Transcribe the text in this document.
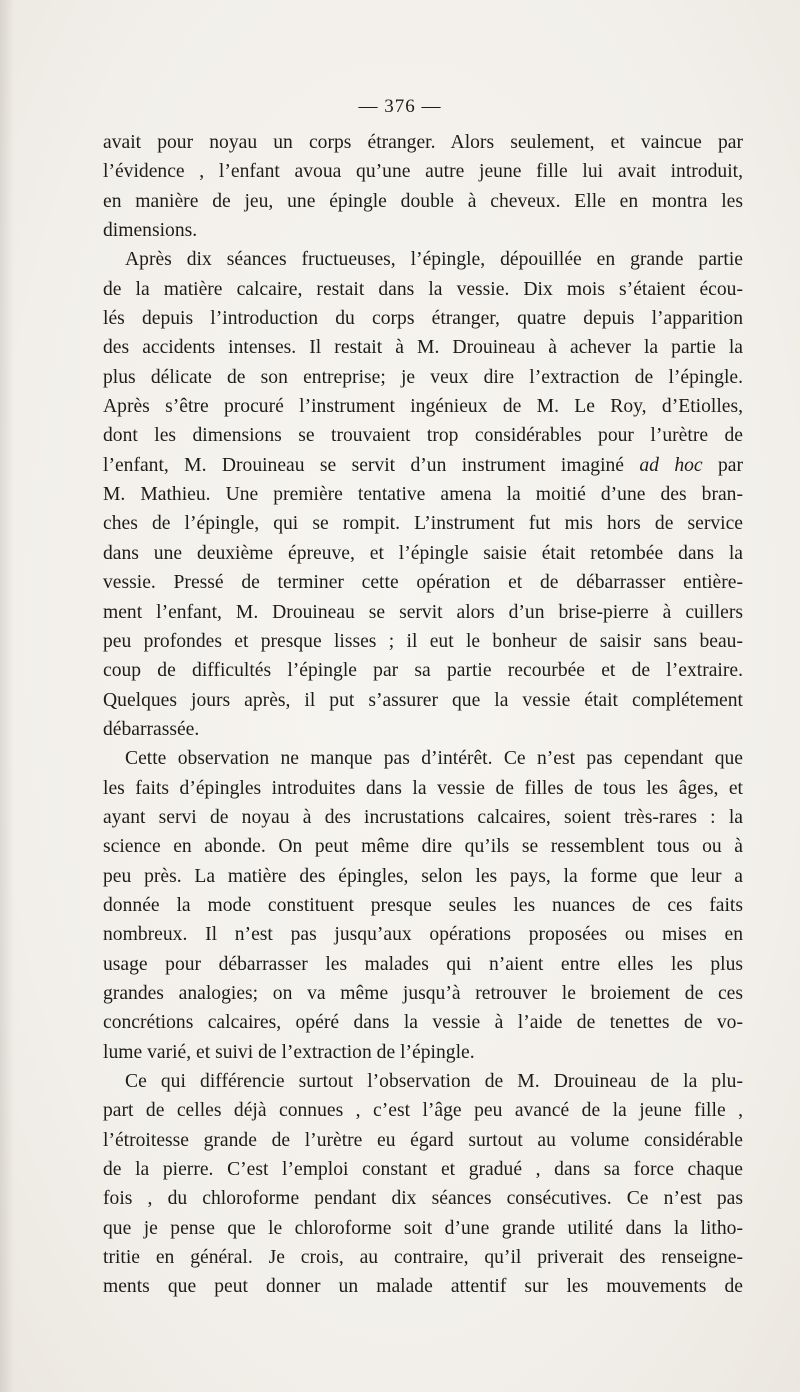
— 376 —

avait pour noyau un corps étranger. Alors seulement, et vaincue par
l’évidence , l’enfant avoua qu’une autre jeune fille lui avait introduit,
en manière de jeu, une épingle double à cheveux. Elle en montra les
dimensions.

Après dix séances fructueuses, l’épingle, dépouillée en grande partie
de la matière calcaire, restait dans la vessie. Dix mois s’étaient écou-
lés depuis l’introduction du corps étranger, quatre depuis l’apparition
des accidents intenses. Il restait à M. Drouineau à achever la partie la
plus délicate de son entreprise; je veux dire l’extraction de l’épingle.
Après s’être procuré l’instrument ingénieux de M. Le Roy, d’Etiolles,
dont les dimensions se trouvaient trop considérables pour l’urètre de
l’enfant, M. Drouineau se servit d’un instrument imaginé ad hoc par
M. Mathieu. Une première tentative amena la moitié d’une des bran-
ches de l’épingle, qui se rompit. L’instrument fut mis hors de service
dans une deuxième épreuve, et l’épingle saisie était retombée dans la
vessie. Pressé de terminer cette opération et de débarrasser entière-
ment l’enfant, M. Drouineau se servit alors d’un brise-pierre à cuillers
peu profondes et presque lisses ; il eut le bonheur de saisir sans beau-
coup de difficultés l’épingle par sa partie recourbée et de l’extraire.
Quelques jours après, il put s’assurer que la vessie était complétement
débarrassée.

Cette observation ne manque pas d’intérêt. Ce n’est pas cependant que
les faits d’épingles introduites dans la vessie de filles de tous les âges, et
ayant servi de noyau à des incrustations calcaires, soient très-rares : la
science en abonde. On peut même dire qu’ils se ressemblent tous ou à
peu près. La matière des épingles, selon les pays, la forme que leur a
donnée la mode constituent presque seules les nuances de ces faits
nombreux. Il n’est pas jusqu’aux opérations proposées ou mises en
usage pour débarrasser les malades qui n’aient entre elles les plus
grandes analogies; on va même jusqu’à retrouver le broiement de ces
concrétions calcaires, opéré dans la vessie à l’aide de tenettes de vo-
lume varié, et suivi de l’extraction de l’épingle.

Ce qui différencie surtout l’observation de M. Drouineau de la plu-
part de celles déjà connues , c’est l’âge peu avancé de la jeune fille ,
l’étroitesse grande de l’urètre eu égard surtout au volume considérable
de la pierre. C’est l’emploi constant et gradué , dans sa force chaque
fois , du chloroforme pendant dix séances consécutives. Ce n’est pas
que je pense que le chloroforme soit d’une grande utilité dans la litho-
tritie en général. Je crois, au contraire, qu’il priverait des renseigne-
ments que peut donner un malade attentif sur les mouvements de
